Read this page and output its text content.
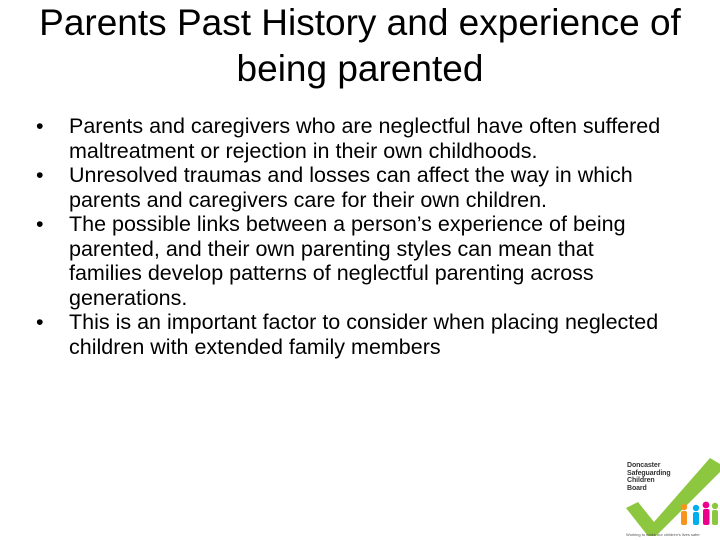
Parents Past History and experience of
being parented
•	Parents and caregivers who are neglectful have often suffered maltreatment or rejection in their own childhoods.
•	Unresolved traumas and losses can affect the way in which parents and caregivers care for their own children.
•	The possible links between a person’s experience of being parented, and their own parenting styles can mean that families develop patterns of neglectful parenting across generations.
•	This is an important factor to consider when placing neglected children with extended family members
Doncaster
Safeguarding
Children
Board
Working to make our children's lives safer
